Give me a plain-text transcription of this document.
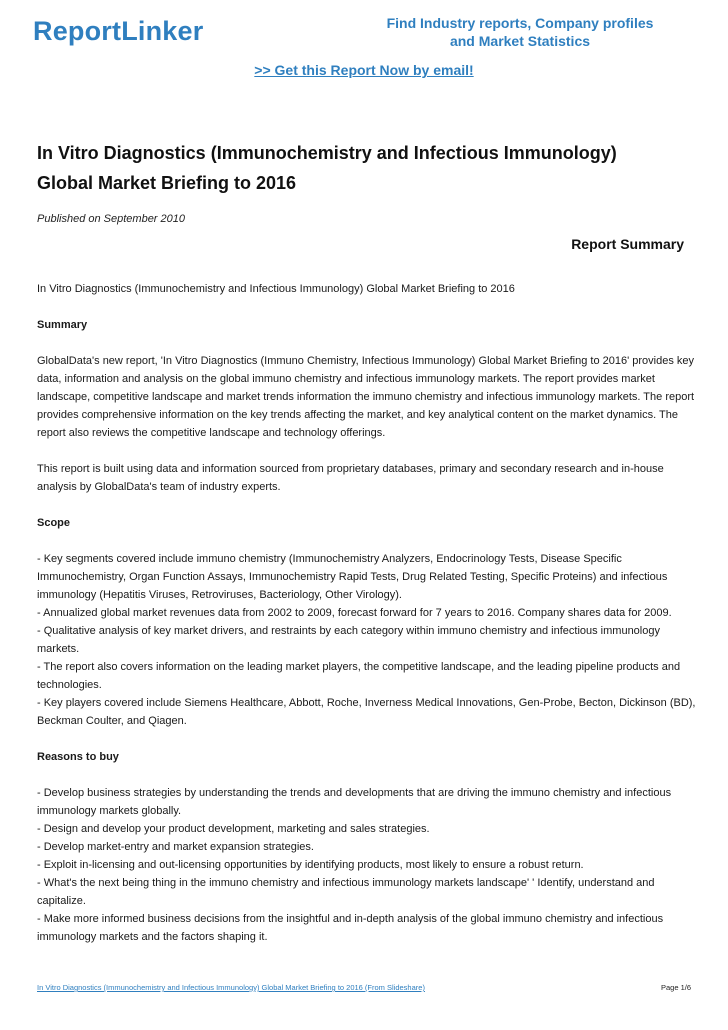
ReportLinker	Find Industry reports, Company profiles
and Market Statistics
>> Get this Report Now by email!
In Vitro Diagnostics (Immunochemistry and Infectious Immunology)
Global Market Briefing to 2016
Published on September 2010
Report Summary

In Vitro Diagnostics (Immunochemistry and Infectious Immunology) Global Market Briefing to 2016

Summary

GlobalData's new report, 'In Vitro Diagnostics (Immuno Chemistry, Infectious Immunology) Global Market Briefing to 2016' provides key data, information and analysis on the global immuno chemistry and infectious immunology markets. The report provides market landscape, competitive landscape and market trends information the immuno chemistry and infectious immunology markets. The report provides comprehensive information on the key trends affecting the market, and key analytical content on the market dynamics. The report also reviews the competitive landscape and technology offerings.

This report is built using data and information sourced from proprietary databases, primary and secondary research and in-house analysis by GlobalData's team of industry experts.

Scope

- Key segments covered include immuno chemistry (Immunochemistry Analyzers, Endocrinology Tests, Disease Specific Immunochemistry, Organ Function Assays, Immunochemistry Rapid Tests, Drug Related Testing, Specific Proteins) and infectious immunology (Hepatitis Viruses, Retroviruses, Bacteriology, Other Virology).
- Annualized global market revenues data from 2002 to 2009, forecast forward for 7 years to 2016. Company shares data for 2009.
- Qualitative analysis of key market drivers, and restraints by each category within immuno chemistry and infectious immunology markets.
- The report also covers information on the leading market players, the competitive landscape, and the leading pipeline products and technologies.
- Key players covered include Siemens Healthcare, Abbott, Roche, Inverness Medical Innovations, Gen-Probe, Becton, Dickinson (BD), Beckman Coulter, and Qiagen.

Reasons to buy

- Develop business strategies by understanding the trends and developments that are driving the immuno chemistry and infectious immunology markets globally.
- Design and develop your product development, marketing and sales strategies.
- Develop market-entry and market expansion strategies.
- Exploit in-licensing and out-licensing opportunities by identifying products, most likely to ensure a robust return.
- What's the next being thing in the immuno chemistry and infectious immunology markets landscape' ' Identify, understand and capitalize.
- Make more informed business decisions from the insightful and in-depth analysis of the global immuno chemistry and infectious immunology markets and the factors shaping it.

In Vitro Diagnostics (Immunochemistry and Infectious Immunology) Global Market Briefing to 2016 (From Slideshare)	Page 1/6
